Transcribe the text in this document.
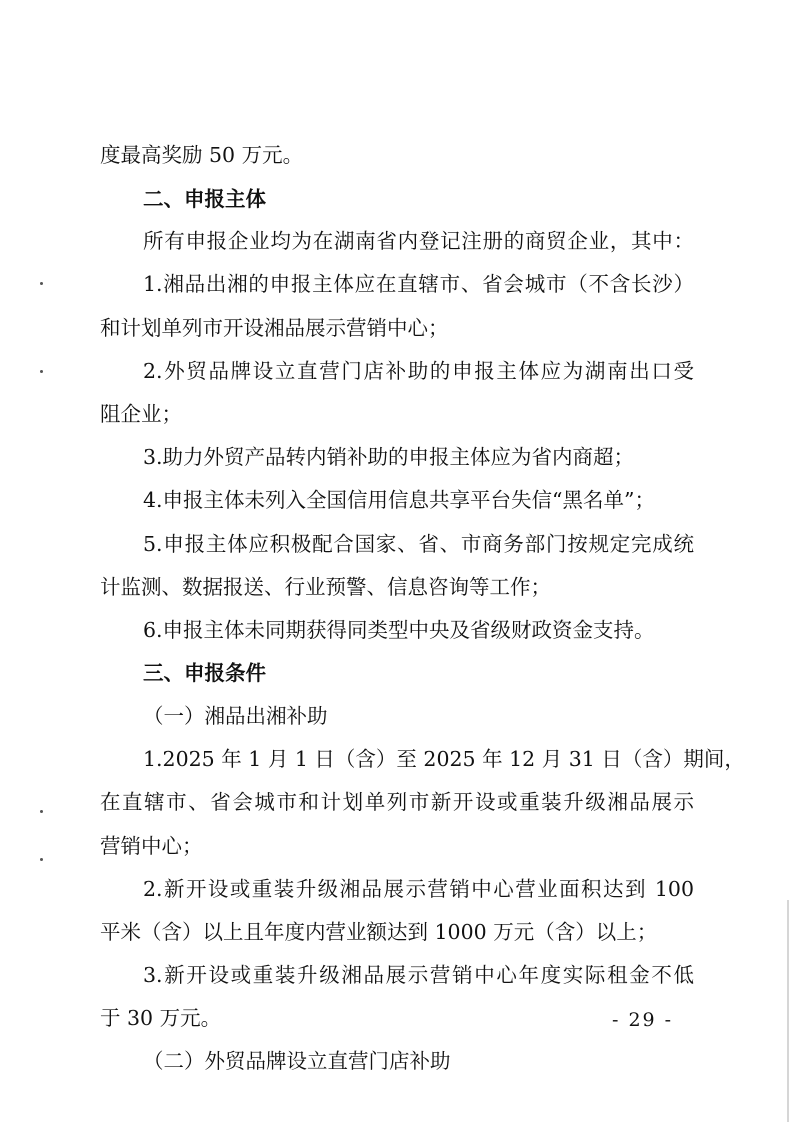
度最高奖励 50 万元。
二、申报主体
所有申报企业均为在湖南省内登记注册的商贸企业，其中：
1.湘品出湘的申报主体应在直辖市、省会城市（不含长沙）
和计划单列市开设湘品展示营销中心；
2.外贸品牌设立直营门店补助的申报主体应为湖南出口受
阻企业；
3.助力外贸产品转内销补助的申报主体应为省内商超；
4.申报主体未列入全国信用信息共享平台失信“黑名单”；
5.申报主体应积极配合国家、省、市商务部门按规定完成统
计监测、数据报送、行业预警、信息咨询等工作；
6.申报主体未同期获得同类型中央及省级财政资金支持。
三、申报条件
（一）湘品出湘补助
1.2025 年 1 月 1 日（含）至 2025 年 12 月 31 日（含）期间，
在直辖市、省会城市和计划单列市新开设或重装升级湘品展示
营销中心；
2.新开设或重装升级湘品展示营销中心营业面积达到 100
平米（含）以上且年度内营业额达到 1000 万元（含）以上；
3.新开设或重装升级湘品展示营销中心年度实际租金不低
于 30 万元。
（二）外贸品牌设立直营门店补助
- 29 -
